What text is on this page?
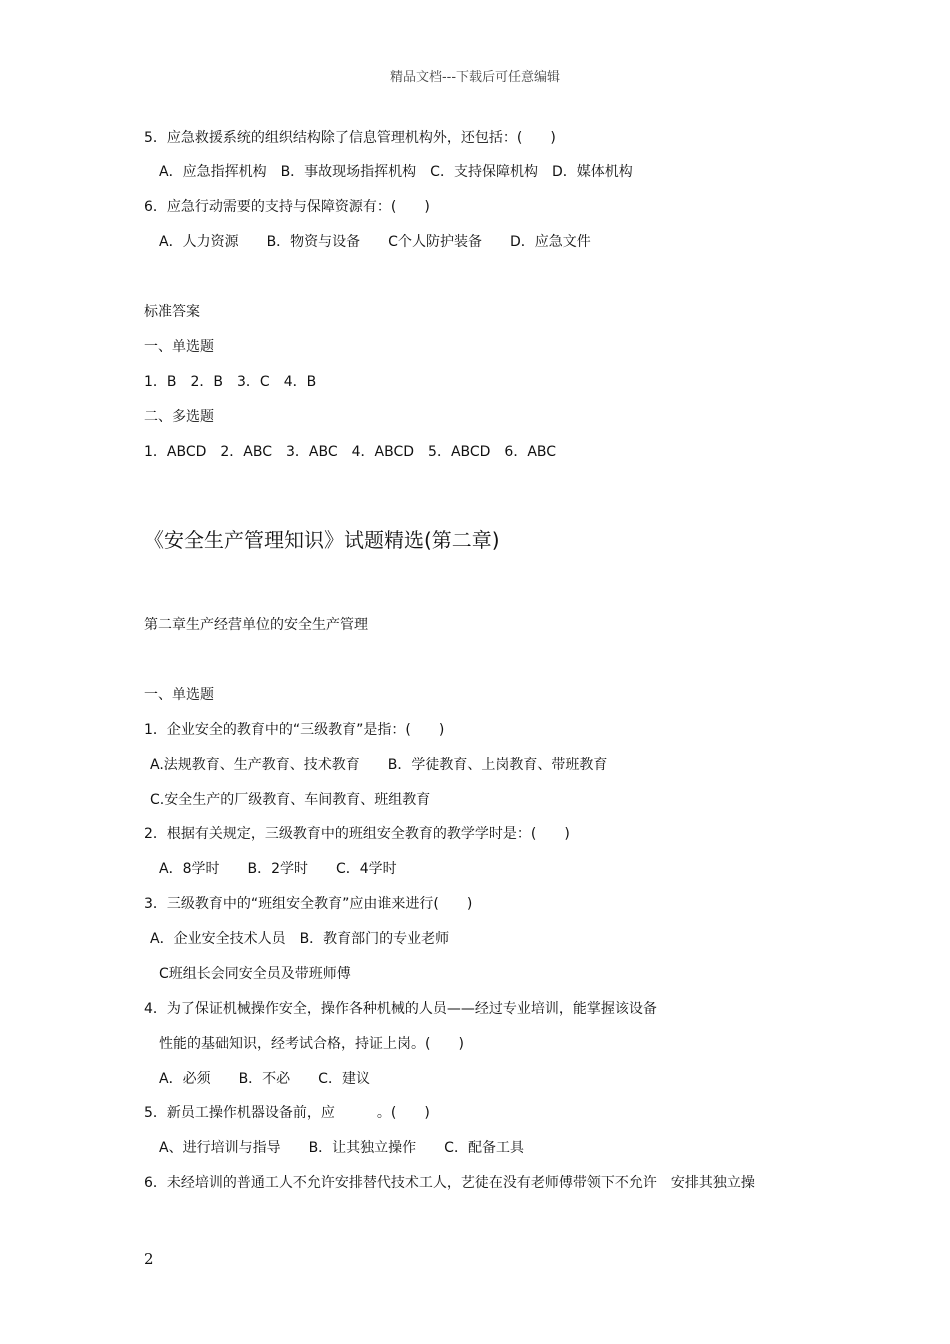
精品文档---下载后可任意编辑
5．应急救援系统的组织结构除了信息管理机构外，还包括：(　　)
A．应急指挥机构　B．事故现场指挥机构　C．支持保障机构　D．媒体机构
6．应急行动需要的支持与保障资源有：(　　)
A．人力资源　　B．物资与设备　　C个人防护装备　　D．应急文件
标准答案
一、单选题
1．B　2．B　3．C　4．B
二、多选题
1．ABCD　2．ABC　3．ABC　4．ABCD　5．ABCD　6．ABC
《安全生产管理知识》试题精选(第二章)
第二章生产经营单位的安全生产管理
一、单选题
1．企业安全的教育中的“三级教育”是指：(　　)
A.法规教育、生产教育、技术教育　　B．学徒教育、上岗教育、带班教育
C.安全生产的厂级教育、车间教育、班组教育
2．根据有关规定，三级教育中的班组安全教育的教学学时是：(　　)
A．8学时　　B．2学时　　C．4学时
3．三级教育中的“班组安全教育”应由谁来进行(　　)
A．企业安全技术人员　B．教育部门的专业老师
C班组长会同安全员及带班师傅
4．为了保证机械操作安全，操作各种机械的人员——经过专业培训，能掌握该设备
性能的基础知识，经考试合格，持证上岗。(　　)
A．必须　　B．不必　　C．建议
5．新员工操作机器设备前，应　　　。(　　)
A、进行培训与指导　　B．让其独立操作　　C．配备工具
6．未经培训的普通工人不允许安排替代技术工人，艺徒在没有老师傅带领下不允许　安排其独立操
2
